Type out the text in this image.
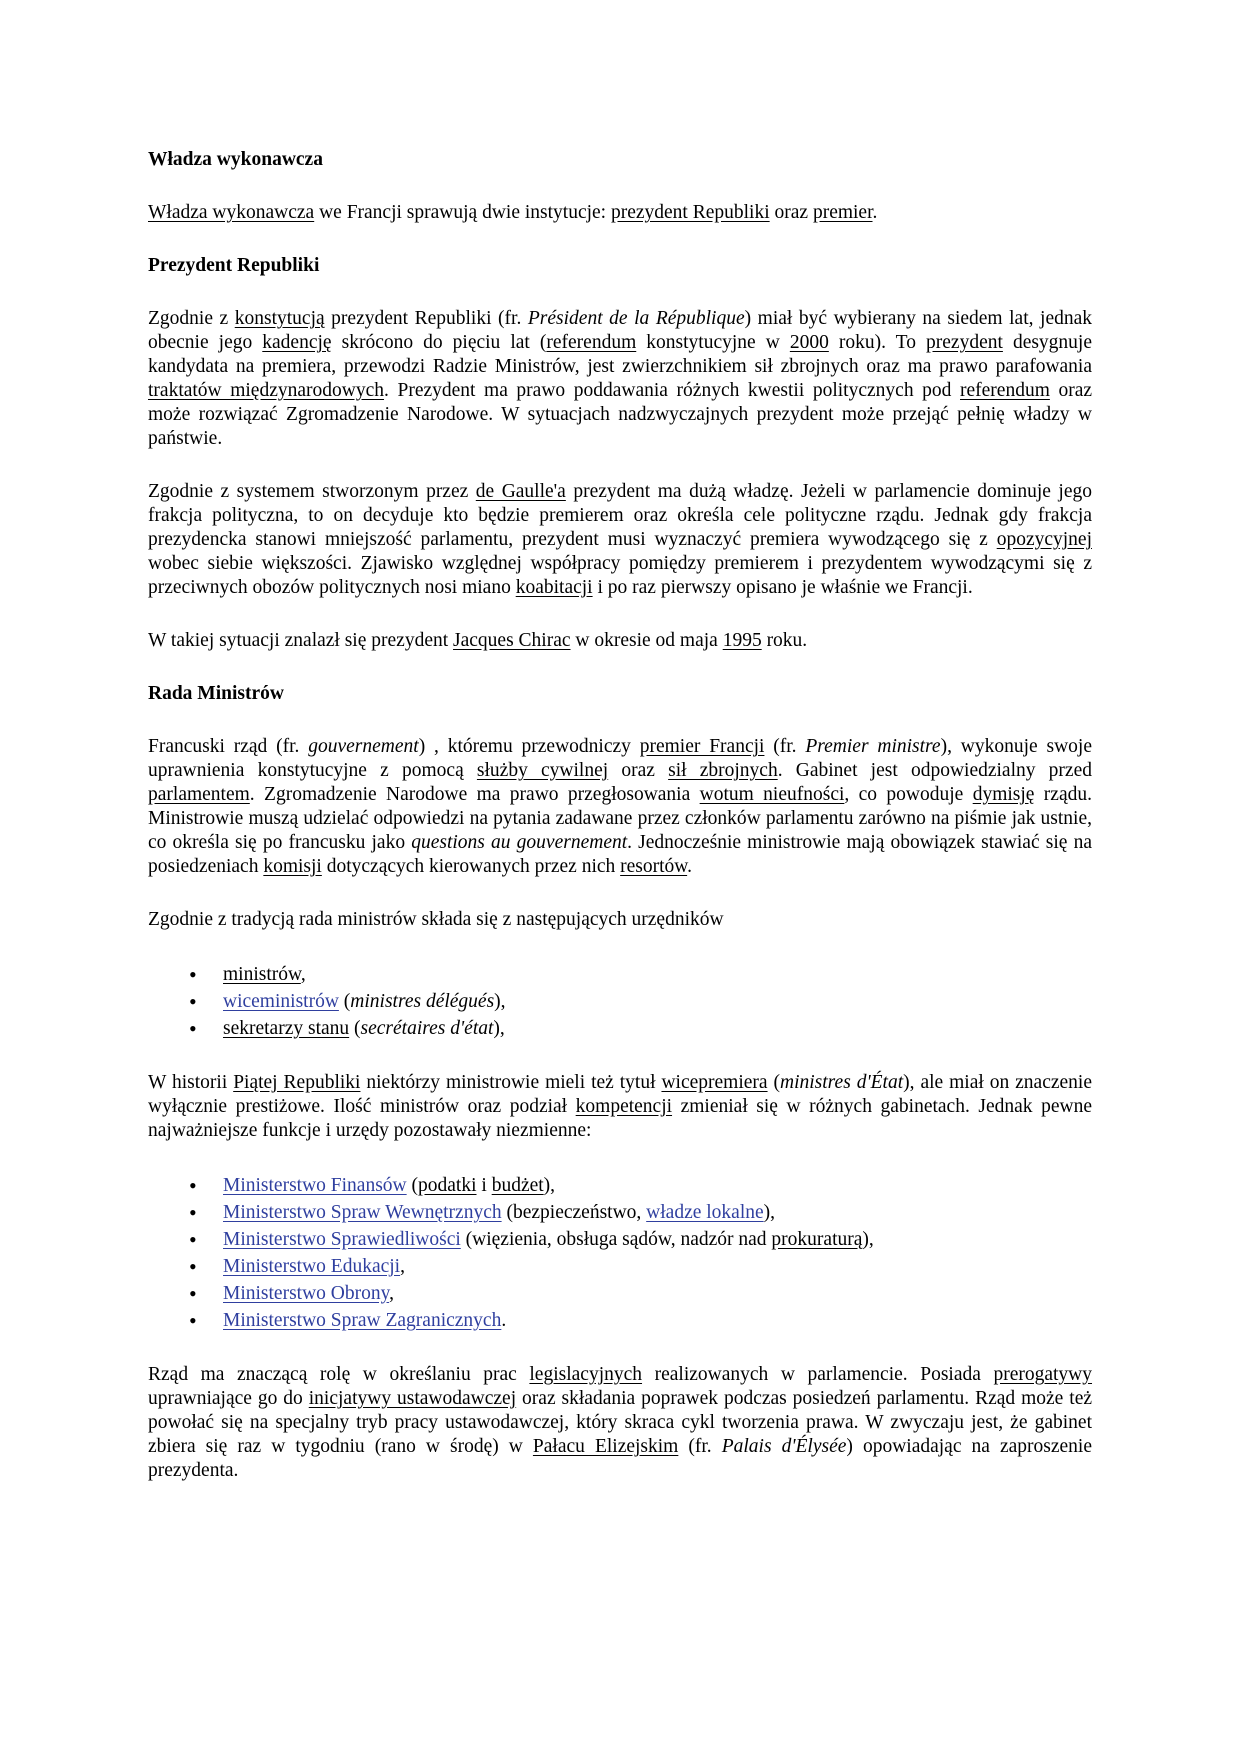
Władza wykonawcza

Władza wykonawcza we Francji sprawują dwie instytucje: prezydent Republiki oraz premier.

Prezydent Republiki

Zgodnie z konstytucją prezydent Republiki (fr. Président de la République) miał być wybierany na siedem lat, jednak obecnie jego kadencję skrócono do pięciu lat (referendum konstytucyjne w 2000 roku). To prezydent desygnuje kandydata na premiera, przewodzi Radzie Ministrów, jest zwierzchnikiem sił zbrojnych oraz ma prawo parafowania traktatów międzynarodowych. Prezydent ma prawo poddawania różnych kwestii politycznych pod referendum oraz może rozwiązać Zgromadzenie Narodowe. W sytuacjach nadzwyczajnych prezydent może przejąć pełnię władzy w państwie.

Zgodnie z systemem stworzonym przez de Gaulle'a prezydent ma dużą władzę. Jeżeli w parlamencie dominuje jego frakcja polityczna, to on decyduje kto będzie premierem oraz określa cele polityczne rządu. Jednak gdy frakcja prezydencka stanowi mniejszość parlamentu, prezydent musi wyznaczyć premiera wywodzącego się z opozycyjnej wobec siebie większości. Zjawisko względnej współpracy pomiędzy premierem i prezydentem wywodzącymi się z przeciwnych obozów politycznych nosi miano koabitacji i po raz pierwszy opisano je właśnie we Francji.

W takiej sytuacji znalazł się prezydent Jacques Chirac w okresie od maja 1995 roku.

Rada Ministrów

Francuski rząd (fr. gouvernement) , któremu przewodniczy premier Francji (fr. Premier ministre), wykonuje swoje uprawnienia konstytucyjne z pomocą służby cywilnej oraz sił zbrojnych. Gabinet jest odpowiedzialny przed parlamentem. Zgromadzenie Narodowe ma prawo przegłosowania wotum nieufności, co powoduje dymisję rządu. Ministrowie muszą udzielać odpowiedzi na pytania zadawane przez członków parlamentu zarówno na piśmie jak ustnie, co określa się po francusku jako questions au gouvernement. Jednocześnie ministrowie mają obowiązek stawiać się na posiedzeniach komisji dotyczących kierowanych przez nich resortów.

Zgodnie z tradycją rada ministrów składa się z następujących urzędników

• ministrów,
• wiceministrów (ministres délégués),
• sekretarzy stanu (secrétaires d'état),

W historii Piątej Republiki niektórzy ministrowie mieli też tytuł wicepremiera (ministres d'État), ale miał on znaczenie wyłącznie prestiżowe. Ilość ministrów oraz podział kompetencji zmieniał się w różnych gabinetach. Jednak pewne najważniejsze funkcje i urzędy pozostawały niezmienne:

• Ministerstwo Finansów (podatki i budżet),
• Ministerstwo Spraw Wewnętrznych (bezpieczeństwo, władze lokalne),
• Ministerstwo Sprawiedliwości (więzienia, obsługa sądów, nadzór nad prokuraturą),
• Ministerstwo Edukacji,
• Ministerstwo Obrony,
• Ministerstwo Spraw Zagranicznych.

Rząd ma znaczącą rolę w określaniu prac legislacyjnych realizowanych w parlamencie. Posiada prerogatywy uprawniające go do inicjatywy ustawodawczej oraz składania poprawek podczas posiedzeń parlamentu. Rząd może też powołać się na specjalny tryb pracy ustawodawczej, który skraca cykl tworzenia prawa. W zwyczaju jest, że gabinet zbiera się raz w tygodniu (rano w środę) w Pałacu Elizejskim (fr. Palais d'Élysée) opowiadając na zaproszenie prezydenta.
